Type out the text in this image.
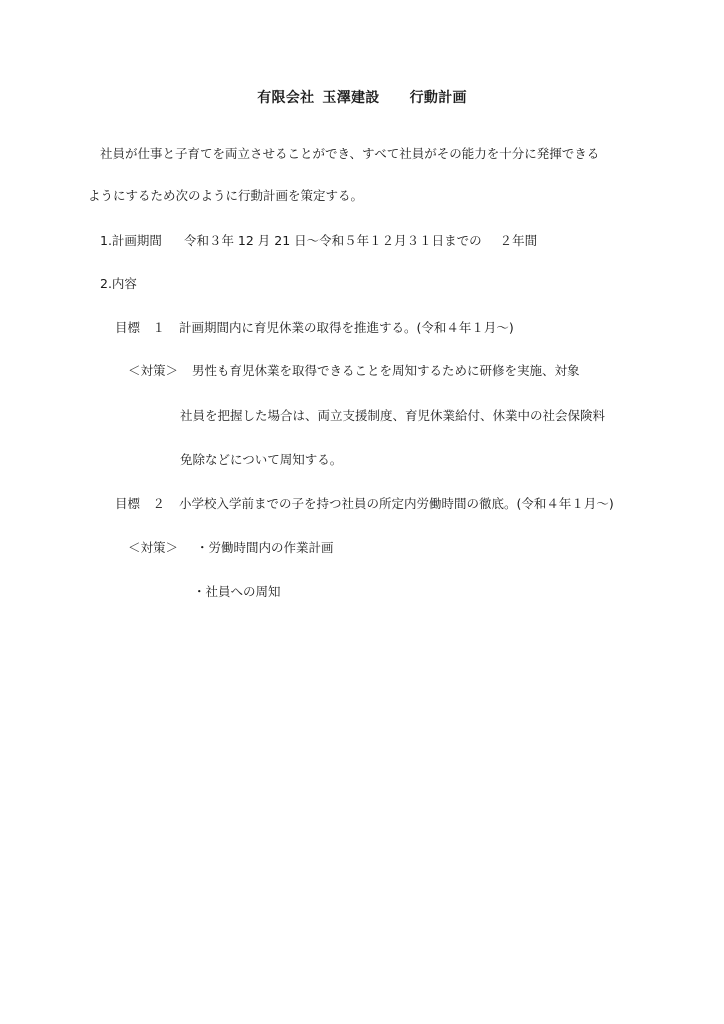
有限会社 玉澤建設 行動計画
社員が仕事と子育てを両立させることができ、すべて社員がその能力を十分に発揮できる
ようにするため次のように行動計画を策定する。
1.計画期間 令和３年 12 月 21 日〜令和５年１２月３１日までの ２年間
2.内容
目標　１ 計画期間内に育児休業の取得を推進する。(令和４年１月〜)
＜対策＞ 男性も育児休業を取得できることを周知するために研修を実施、対象
社員を把握した場合は、両立支援制度、育児休業給付、休業中の社会保険料
免除などについて周知する。
目標　２ 小学校入学前までの子を持つ社員の所定内労働時間の徹底。(令和４年１月〜)
＜対策＞ ・労働時間内の作業計画
・社員への周知
